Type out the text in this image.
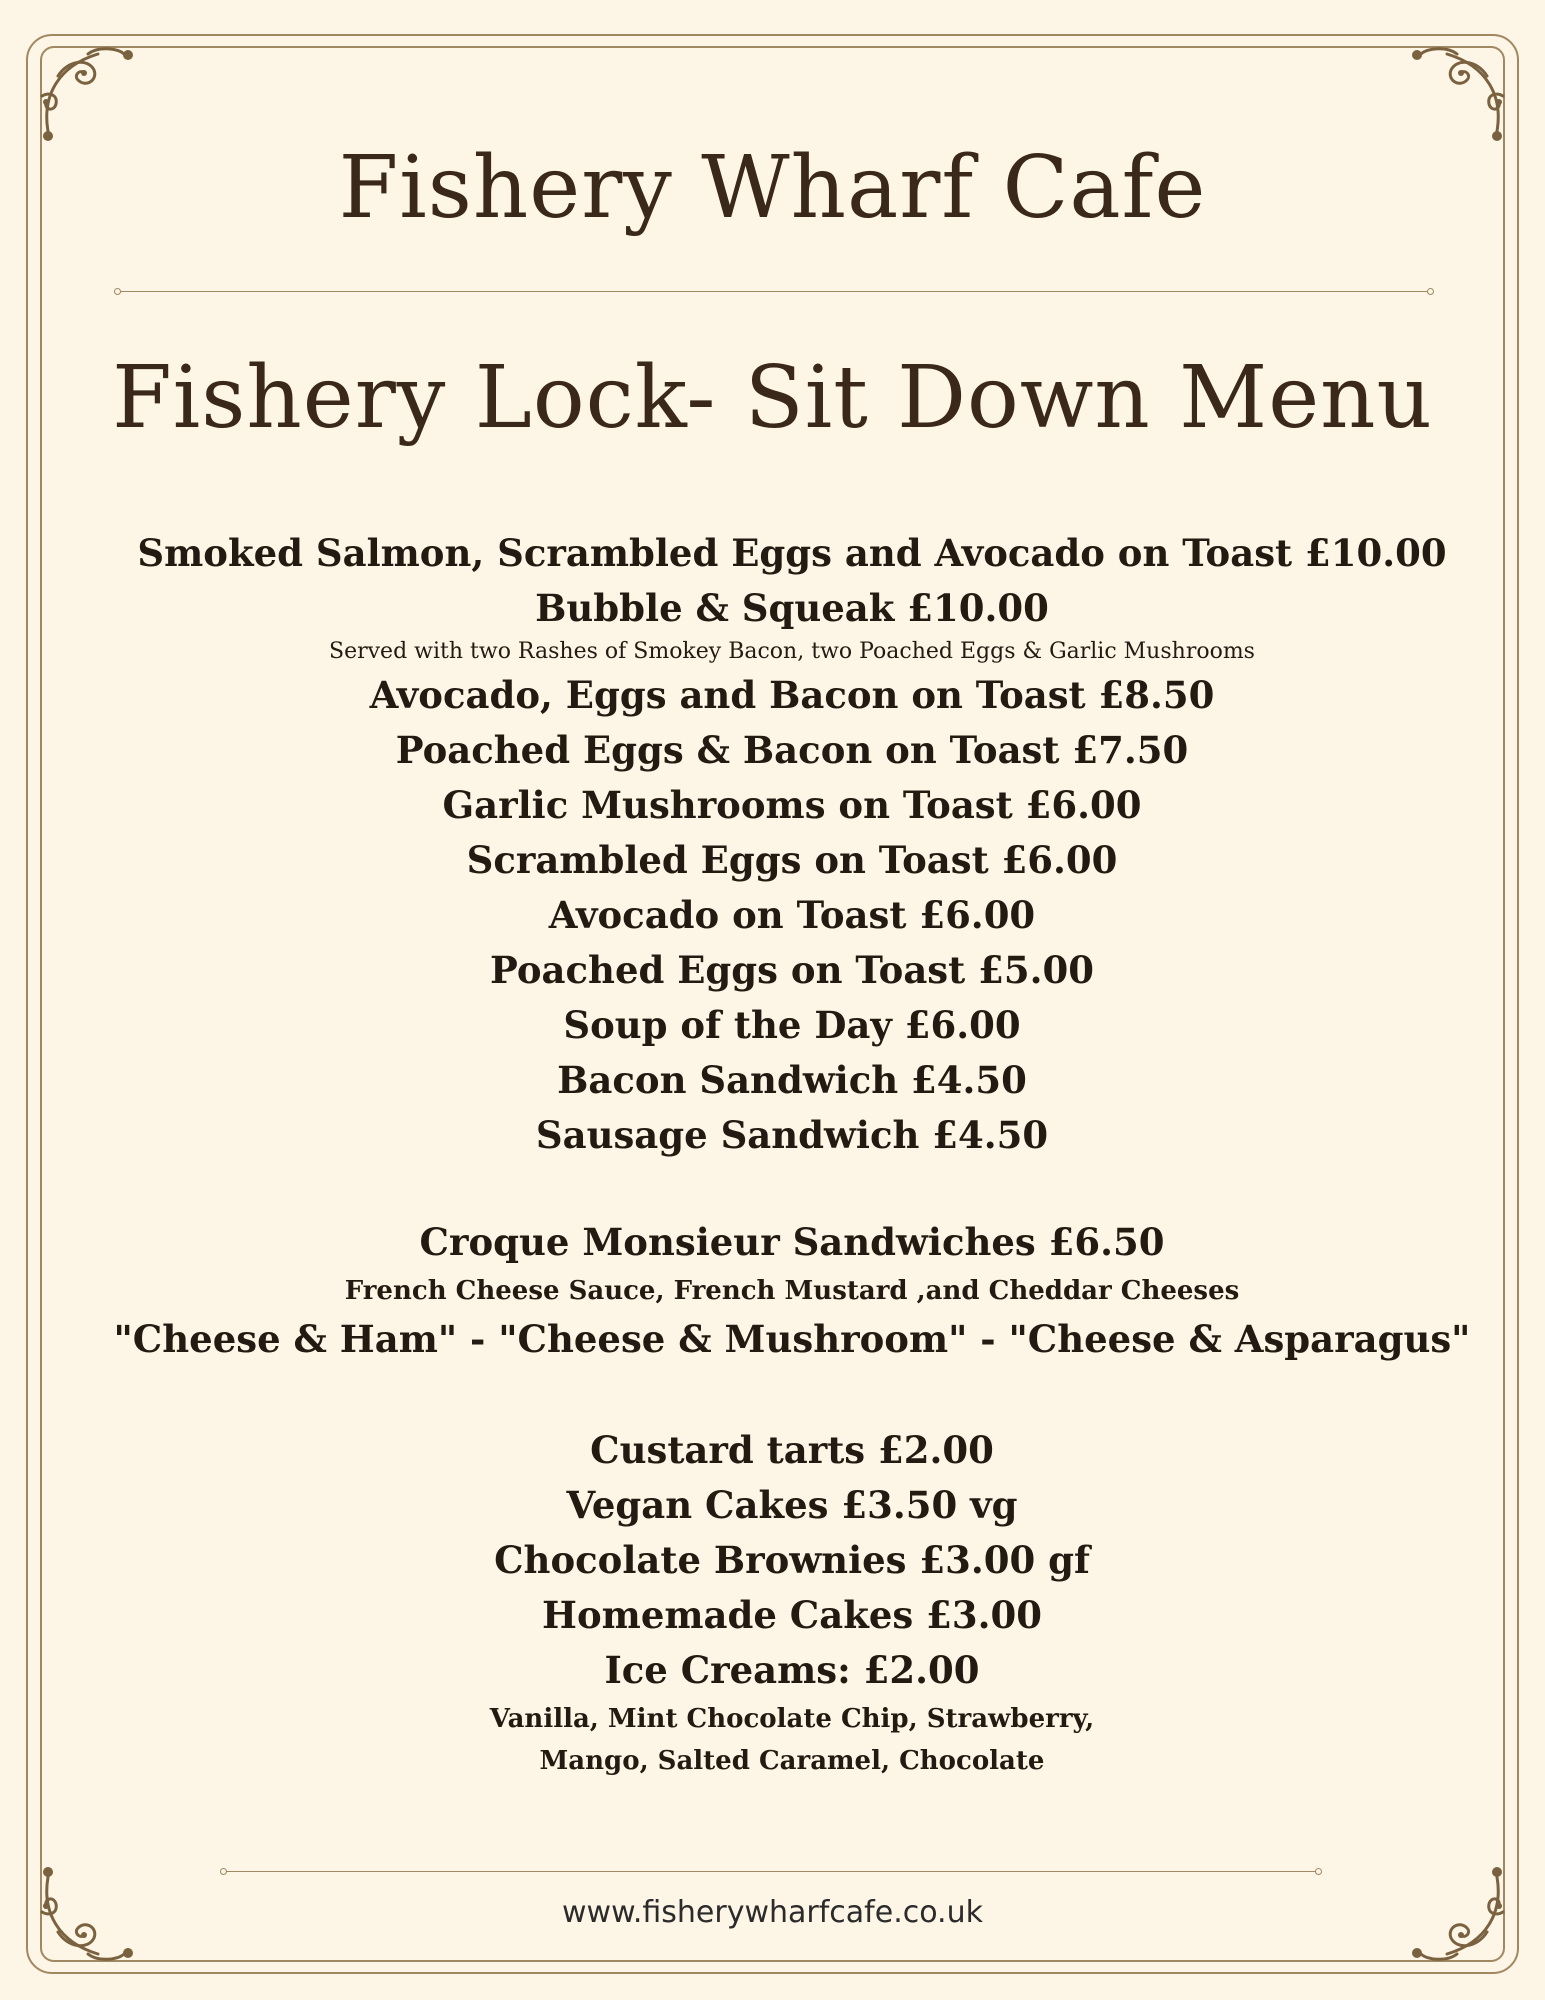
Fishery Wharf Cafe
Fishery Lock- Sit Down Menu
Smoked Salmon, Scrambled Eggs and Avocado on Toast £10.00
Bubble & Squeak £10.00
Served with two Rashes of Smokey Bacon, two Poached Eggs & Garlic Mushrooms
Avocado, Eggs and Bacon on Toast £8.50
Poached Eggs & Bacon on Toast £7.50
Garlic Mushrooms on Toast £6.00
Scrambled Eggs on Toast £6.00
Avocado on Toast £6.00
Poached Eggs on Toast £5.00
Soup of the Day £6.00
Bacon Sandwich £4.50
Sausage Sandwich £4.50
Croque Monsieur Sandwiches £6.50
French Cheese Sauce, French Mustard ,and Cheddar Cheeses
"Cheese & Ham" - "Cheese & Mushroom" - "Cheese & Asparagus"
Custard tarts £2.00
Vegan Cakes £3.50 vg
Chocolate Brownies £3.00 gf
Homemade Cakes £3.00
Ice Creams: £2.00
Vanilla, Mint Chocolate Chip, Strawberry,
Mango, Salted Caramel, Chocolate
www.fisherywharfcafe.co.uk
